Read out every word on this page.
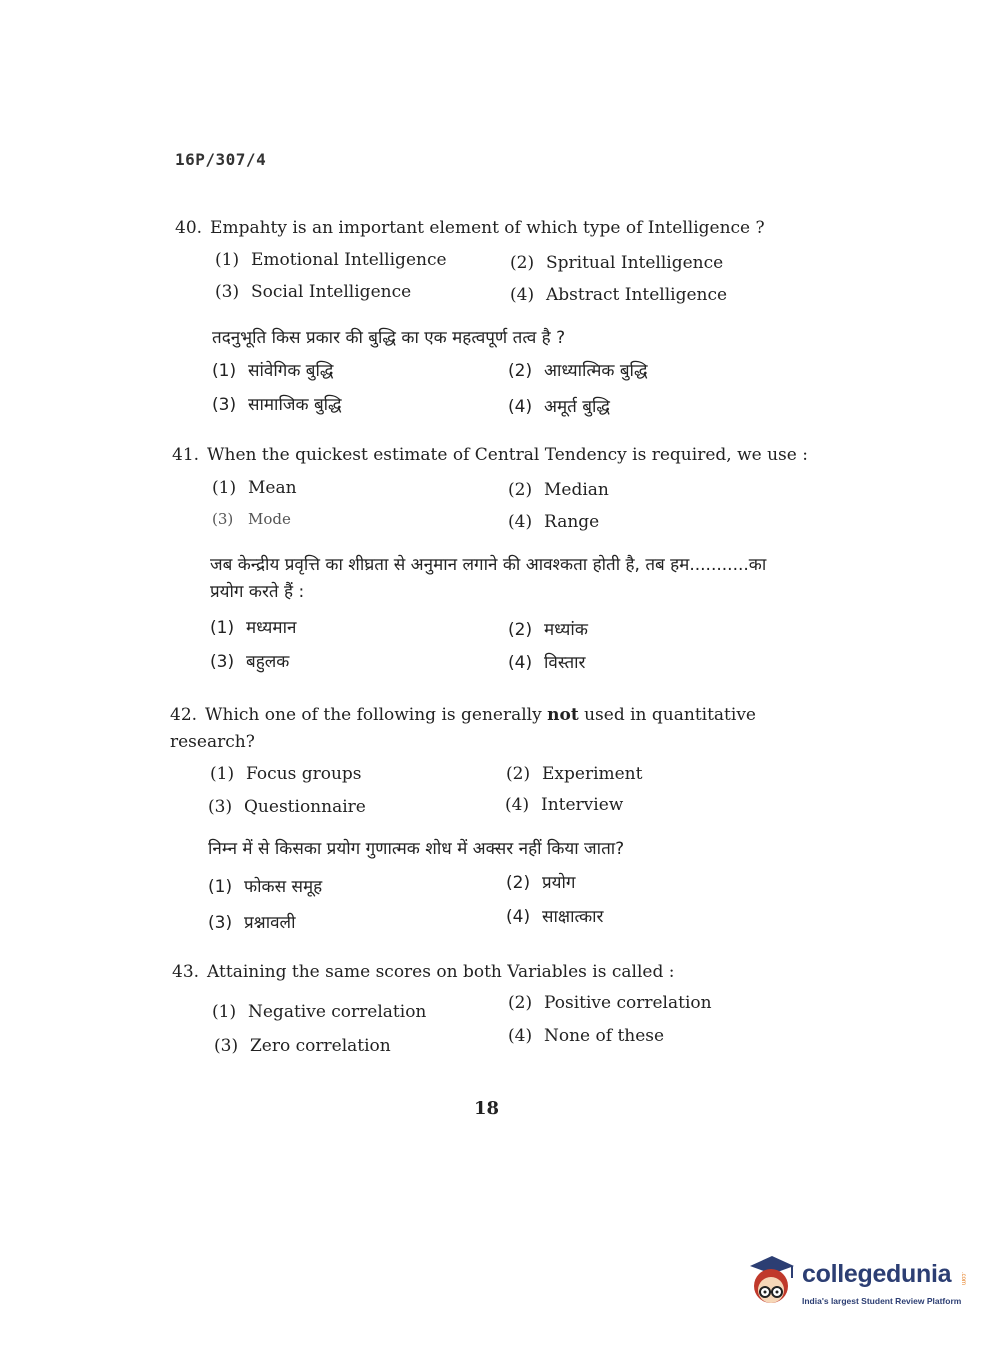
16P/307/4
40. Empahty is an important element of which type of Intelligence ?
(1) Emotional Intelligence	(2) Spritual Intelligence
(3) Social Intelligence	(4) Abstract Intelligence
तदनुभूति किस प्रकार की बुद्धि का एक महत्वपूर्ण तत्व है ?
(1) सांवेगिक बुद्धि	(2) आध्यात्मिक बुद्धि
(3) सामाजिक बुद्धि	(4) अमूर्त बुद्धि
41. When the quickest estimate of Central Tendency is required, we use :
(1) Mean	(2) Median
(3) Mode	(4) Range
जब केन्द्रीय प्रवृत्ति का शीघ्रता से अनुमान लगाने की आवश्कता होती है, तब हम...........का प्रयोग करते हैं :
(1) मध्यमान	(2) मध्यांक
(3) बहुलक	(4) विस्तार
42. Which one of the following is generally not used in quantitative research?
(1) Focus groups	(2) Experiment
(3) Questionnaire	(4) Interview
निम्न में से किसका प्रयोग गुणात्मक शोध में अक्सर नहीं किया जाता?
(1) फोकस समूह	(2) प्रयोग
(3) प्रश्नावली	(4) साक्षात्कार
43. Attaining the same scores on both Variables is called :
(1) Negative correlation	(2) Positive correlation
(3) Zero correlation	(4) None of these
18
collegedunia .com
India's largest Student Review Platform
